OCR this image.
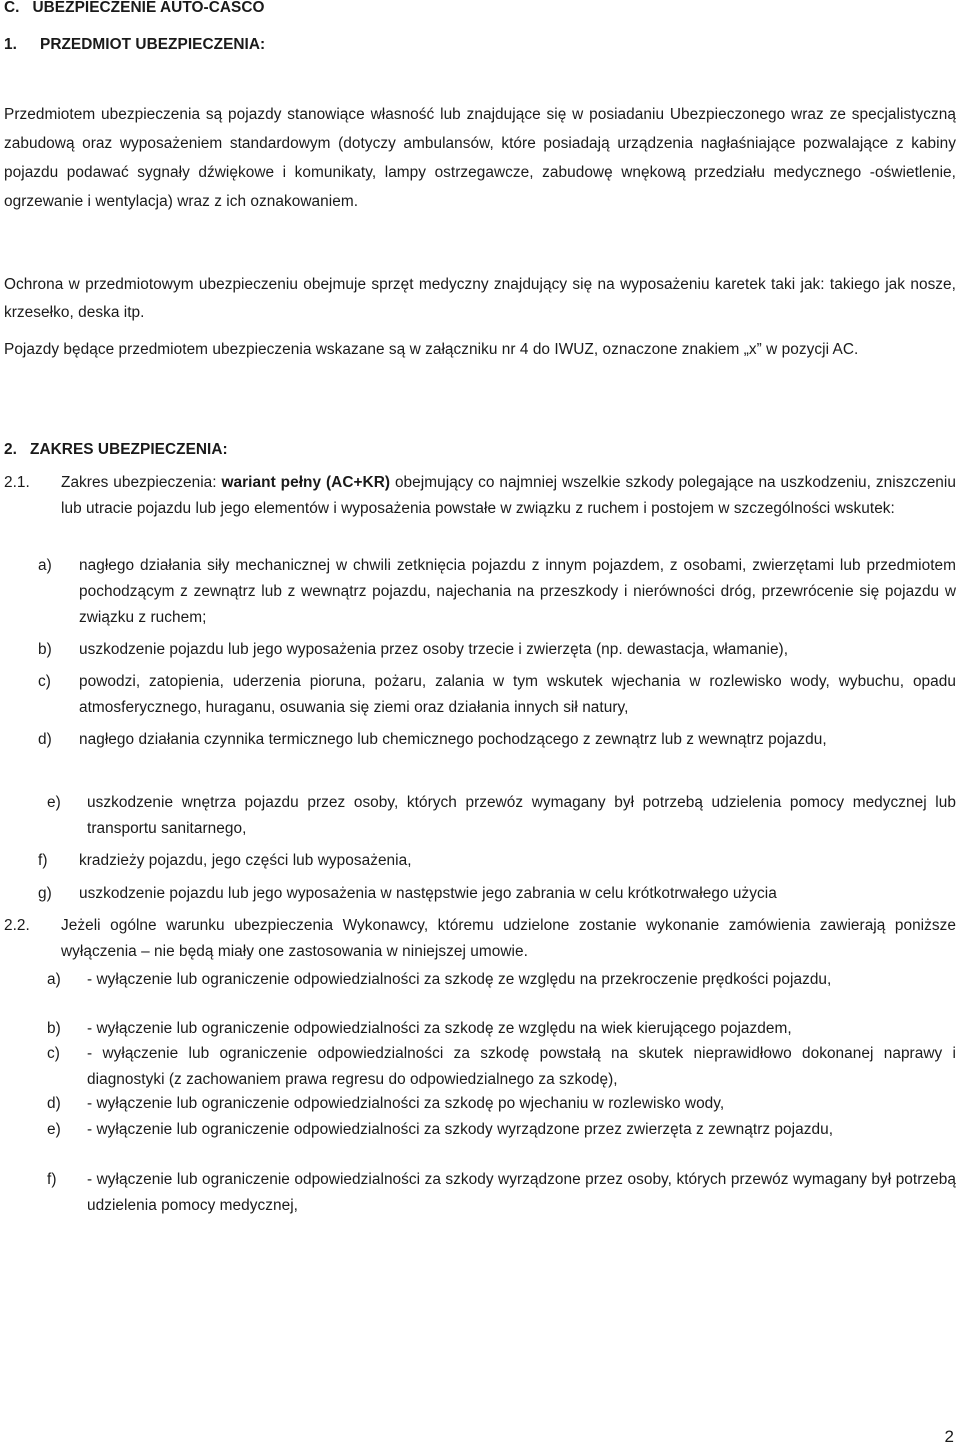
C.   UBEZPIECZENIE AUTO-CASCO
1. PRZEDMIOT UBEZPIECZENIA:

Przedmiotem ubezpieczenia są pojazdy stanowiące własność lub znajdujące się w posiadaniu Ubezpieczonego wraz ze specjalistyczną zabudową oraz wyposażeniem standardowym (dotyczy ambulansów, które posiadają urządzenia nagłaśniające pozwalające z kabiny pojazdu podawać sygnały dźwiękowe i komunikaty, lampy ostrzegawcze, zabudowę wnękową przedziału medycznego -oświetlenie, ogrzewanie i wentylacja) wraz z ich oznakowaniem.

Ochrona w przedmiotowym ubezpieczeniu obejmuje sprzęt medyczny znajdujący się na wyposażeniu karetek taki jak: takiego jak nosze, krzesełko, deska itp.

Pojazdy będące przedmiotem ubezpieczenia wskazane są w załączniku nr 4 do IWUZ, oznaczone znakiem „x” w pozycji AC.

2. ZAKRES UBEZPIECZENIA:
2.1. Zakres ubezpieczenia: wariant pełny (AC+KR) obejmujący co najmniej wszelkie szkody polegające na uszkodzeniu, zniszczeniu lub utracie pojazdu lub jego elementów i wyposażenia powstałe w związku z ruchem i postojem w szczególności wskutek:
a) nagłego działania siły mechanicznej w chwili zetknięcia pojazdu z innym pojazdem, z osobami, zwierzętami lub przedmiotem pochodzącym z zewnątrz lub z wewnątrz pojazdu, najechania na przeszkody i nierówności dróg, przewrócenie się pojazdu w związku z ruchem;
b) uszkodzenie pojazdu lub jego wyposażenia przez osoby trzecie i zwierzęta (np. dewastacja, włamanie),
c) powodzi, zatopienia, uderzenia pioruna, pożaru, zalania w tym wskutek wjechania w rozlewisko wody, wybuchu, opadu atmosferycznego, huraganu, osuwania się ziemi oraz działania innych sił natury,
d) nagłego działania czynnika termicznego lub chemicznego pochodzącego z zewnątrz lub z wewnątrz pojazdu,
e) uszkodzenie wnętrza pojazdu przez osoby, których przewóz wymagany był potrzebą udzielenia pomocy medycznej lub transportu sanitarnego,
f) kradzieży pojazdu, jego części lub wyposażenia,
g) uszkodzenie pojazdu lub jego wyposażenia w następstwie jego zabrania w celu krótkotrwałego użycia
2.2. Jeżeli ogólne warunku ubezpieczenia Wykonawcy, któremu udzielone zostanie wykonanie zamówienia zawierają poniższe wyłączenia – nie będą miały one zastosowania w niniejszej umowie.
a) - wyłączenie lub ograniczenie odpowiedzialności za szkodę ze względu na przekroczenie prędkości pojazdu,
b) - wyłączenie lub ograniczenie odpowiedzialności za szkodę ze względu na wiek kierującego pojazdem,
c) - wyłączenie lub ograniczenie odpowiedzialności za szkodę powstałą na skutek nieprawidłowo dokonanej naprawy i diagnostyki (z zachowaniem prawa regresu do odpowiedzialnego za szkodę),
d) - wyłączenie lub ograniczenie odpowiedzialności za szkodę po wjechaniu w rozlewisko wody,
e) - wyłączenie lub ograniczenie odpowiedzialności za szkody wyrządzone przez zwierzęta z zewnątrz pojazdu,
f) - wyłączenie lub ograniczenie odpowiedzialności za szkody wyrządzone przez osoby, których przewóz wymagany był potrzebą udzielenia pomocy medycznej,
2
